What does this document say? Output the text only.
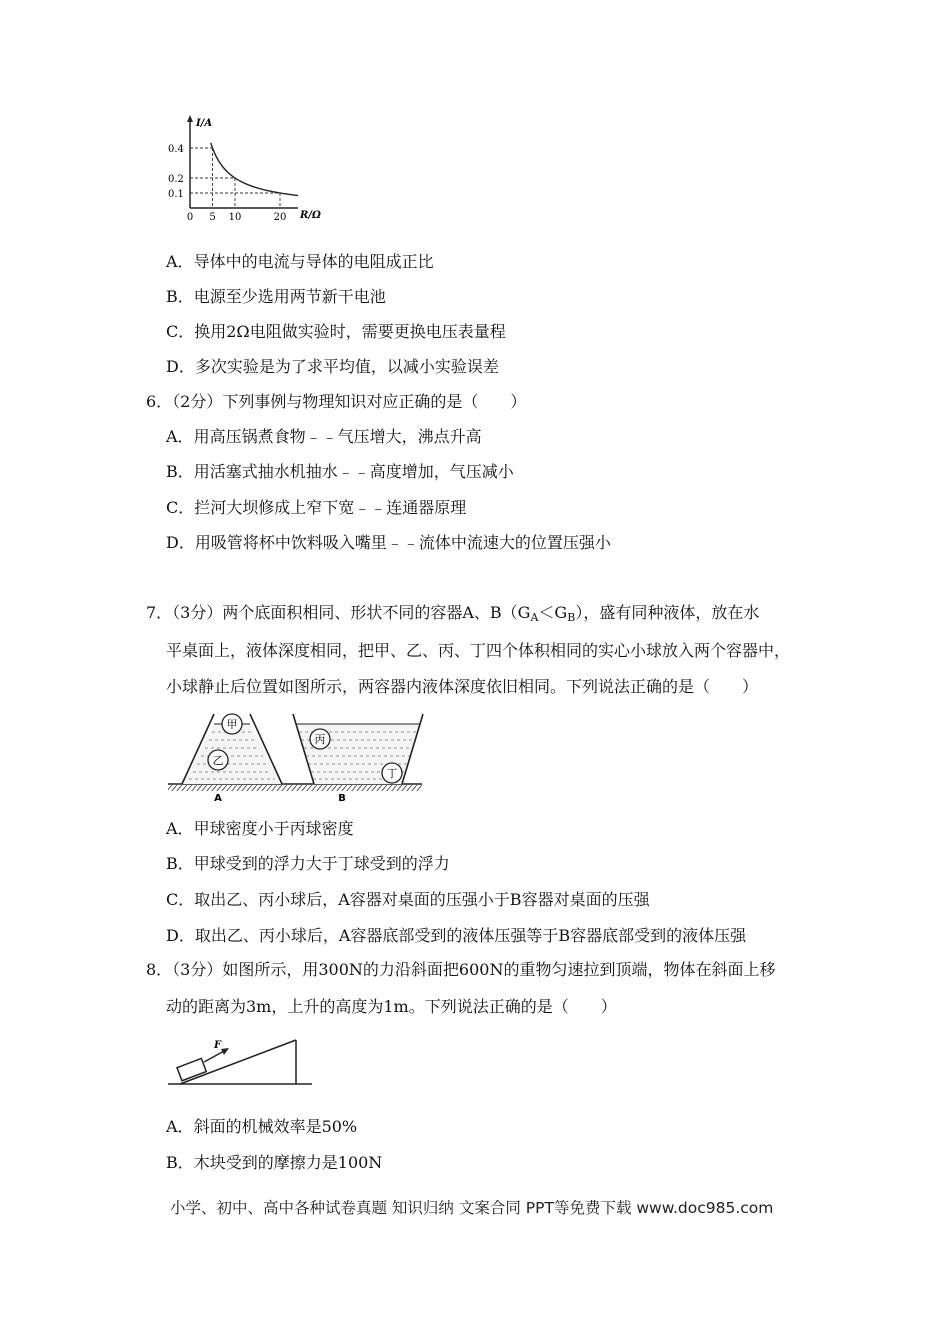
I/A
R/Ω
0.4
0.2
0.1
0 5 10	20
A．导体中的电流与导体的电阻成正比
B．电源至少选用两节新干电池
C．换用2Ω电阻做实验时，需要更换电压表量程
D．多次实验是为了求平均值，以减小实验误差
6．（2分）下列事例与物理知识对应正确的是（　　）
A．用高压锅煮食物﹣﹣气压增大，沸点升高
B．用活塞式抽水机抽水﹣﹣高度增加，气压减小
C．拦河大坝修成上窄下宽﹣﹣连通器原理
D．用吸管将杯中饮料吸入嘴里﹣﹣流体中流速大的位置压强小
7．（3分）两个底面积相同、形状不同的容器A、$B(G_A<G_B)$，盛有同种液体，放在水
平桌面上，液体深度相同，把甲、乙、丙、丁四个体积相同的实心小球放入两个容器中，
小球静止后位置如图所示，两容器内液体深度依旧相同。下列说法正确的是（　　）
甲
乙
A
丙
丁
B
A．甲球密度小于丙球密度
B．甲球受到的浮力大于丁球受到的浮力
C．取出乙、丙小球后，A容器对桌面的压强小于B容器对桌面的压强
D．取出乙、丙小球后，A容器底部受到的液体压强等于B容器底部受到的液体压强
8．（3分）如图所示，用300N的力沿斜面把600N的重物匀速拉到顶端，物体在斜面上移
动的距离为3m，上升的高度为1m。下列说法正确的是（　　）
F
A．斜面的机械效率是50%
B．木块受到的摩擦力是100N
小学、初中、高中各种试卷真题 知识归纳 文案合同 PPT等免费下载 www.doc985.com
